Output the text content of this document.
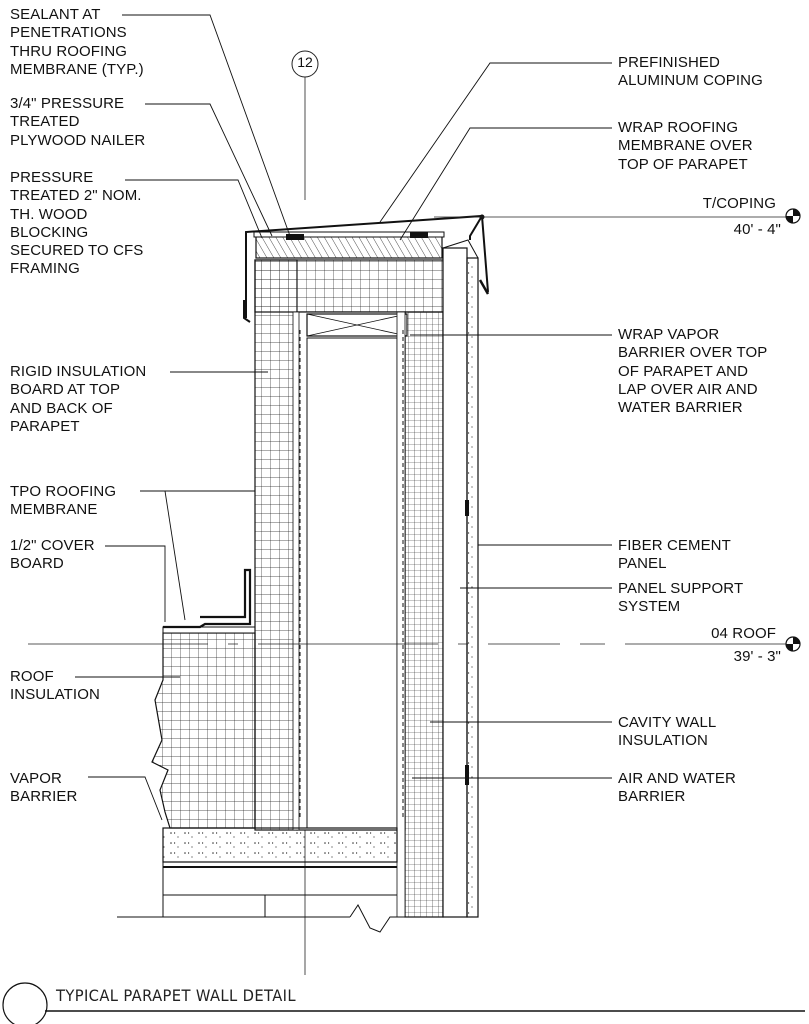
12
SEALANT AT
PENETRATIONS
THRU ROOFING
MEMBRANE (TYP.)
3/4" PRESSURE
TREATED
PLYWOOD NAILER
PRESSURE
TREATED 2" NOM.
TH. WOOD
BLOCKING
SECURED TO CFS
FRAMING
RIGID INSULATION
BOARD AT TOP
AND BACK OF
PARAPET
TPO ROOFING
MEMBRANE
1/2" COVER
BOARD
ROOF
INSULATION
VAPOR
BARRIER
PREFINISHED
ALUMINUM COPING
WRAP ROOFING
MEMBRANE OVER
TOP OF PARAPET
WRAP VAPOR
BARRIER OVER TOP
OF PARAPET AND
LAP OVER AIR AND
WATER BARRIER
FIBER CEMENT
PANEL
PANEL SUPPORT
SYSTEM
CAVITY WALL
INSULATION
AIR AND WATER
BARRIER
T/COPING
40' - 4"
04 ROOF
39' - 3"
TYPICAL PARAPET WALL DETAIL
